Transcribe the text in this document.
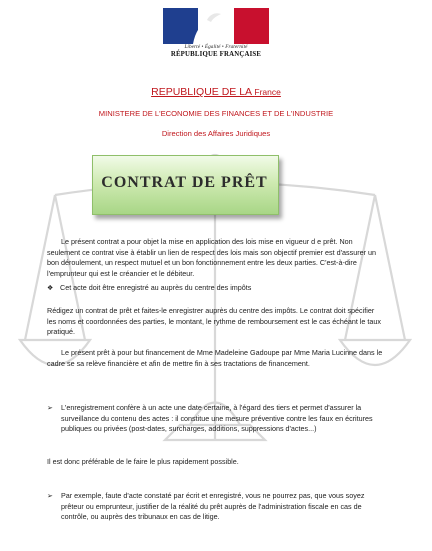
Liberté • Égalité • Fraternité
RÉPUBLIQUE FRANÇAISE
REPUBLIQUE DE LA France
MINISTERE DE L'ECONOMIE DES FINANCES ET DE L'INDUSTRIE
Direction des Affaires Juridiques
CONTRAT DE PRÊT

Le présent contrat a pour objet la mise en application des lois mise en vigueur d e prêt. Non seulement ce contrat vise à établir un lien de respect des lois mais son objectif premier est d'assurer un bon déroulement, un respect mutuel et un bon fonctionnement entre les deux parties. C'est-à-dire l'emprunteur qui est le créancier et le débiteur.

❖ Cet acte doit être enregistré au auprès du centre des impôts

Rédigez un contrat de prêt et faites-le enregistrer auprès du centre des impôts. Le contrat doit spécifier les noms et coordonnées des parties, le montant, le rythme de remboursement est le cas échéant le taux pratiqué.

Le présent prêt à pour but financement de Mme Madeleine Gadoupe par Mme Maria Lucinne dans le cadre se sa relève financière et afin de mettre fin à ses tractations de financement.

➢ L'enregistrement confère à un acte une date certaine, à l'égard des tiers et permet d'assurer la surveillance du contenu des actes : il constitue une mesure préventive contre les faux en écritures publiques ou privées (post-dates, surcharges, additions, suppressions d'actes...)

Il est donc préférable de le faire le plus rapidement possible.

➢ Par exemple, faute d'acte constaté par écrit et enregistré, vous ne pourrez pas, que vous soyez prêteur ou emprunteur, justifier de la réalité du prêt auprès de l'administration fiscale en cas de contrôle, ou auprès des tribunaux en cas de litige.
